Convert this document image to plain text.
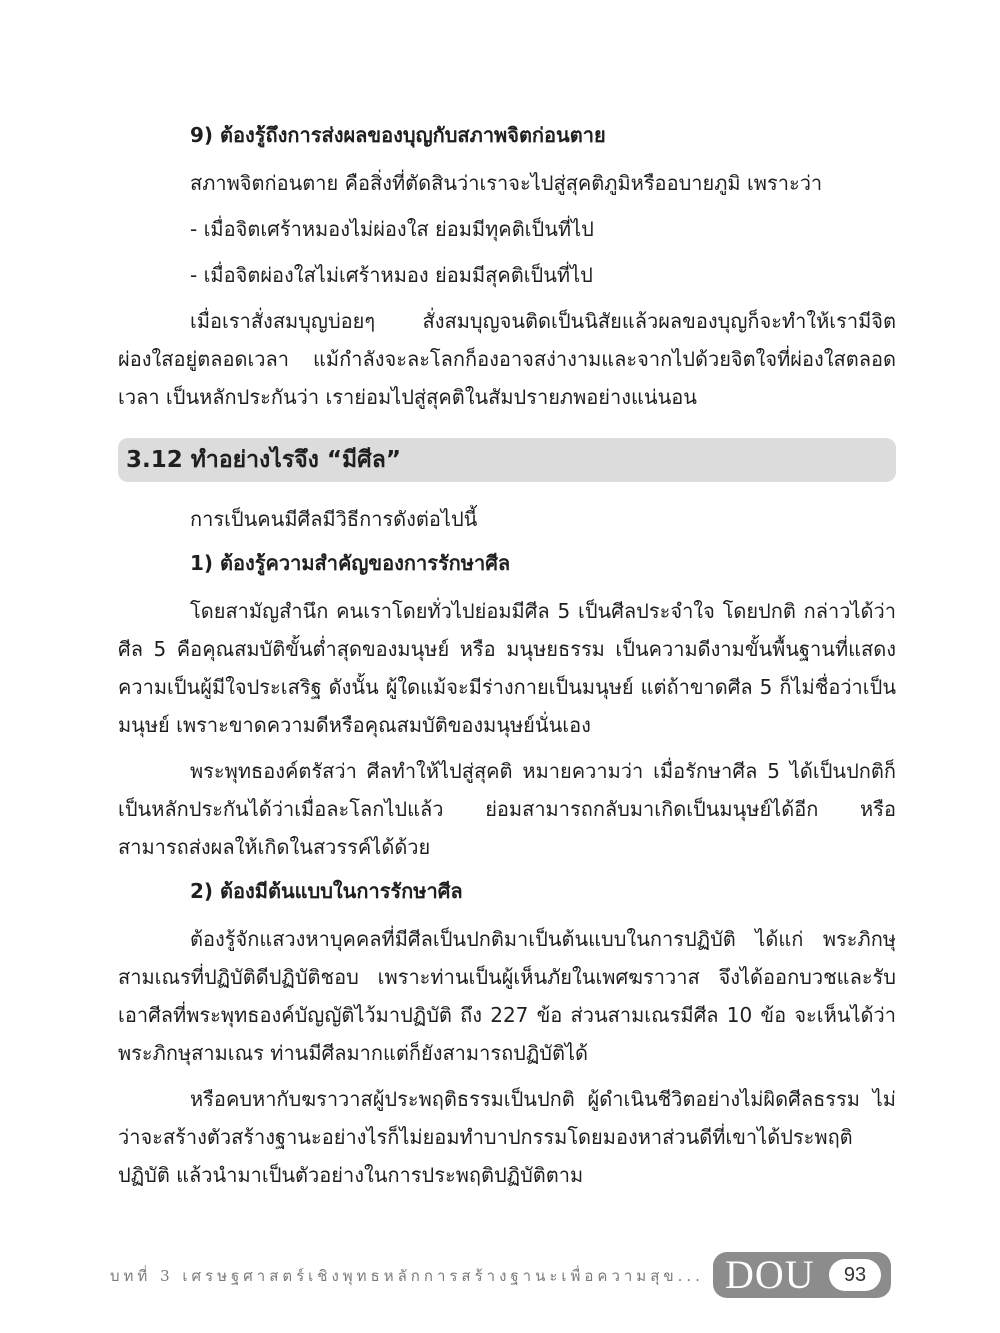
9) ต้องรู้ถึงการส่งผลของบุญกับสภาพจิตก่อนตาย

สภาพจิตก่อนตาย คือสิ่งที่ตัดสินว่าเราจะไปสู่สุคติภูมิหรืออบายภูมิ เพราะว่า

- เมื่อจิตเศร้าหมองไม่ผ่องใส ย่อมมีทุคติเป็นที่ไป

- เมื่อจิตผ่องใสไม่เศร้าหมอง ย่อมมีสุคติเป็นที่ไป

เมื่อเราสั่งสมบุญบ่อยๆ สั่งสมบุญจนติดเป็นนิสัยแล้วผลของบุญก็จะทำให้เรามีจิตผ่องใสอยู่ตลอดเวลา แม้กำลังจะละโลกก็องอาจสง่างามและจากไปด้วยจิตใจที่ผ่องใสตลอดเวลา เป็นหลักประกันว่า เราย่อมไปสู่สุคติในสัมปรายภพอย่างแน่นอน

3.12 ทำอย่างไรจึง “มีศีล”

การเป็นคนมีศีลมีวิธีการดังต่อไปนี้

1) ต้องรู้ความสำคัญของการรักษาศีล

โดยสามัญสำนึก คนเราโดยทั่วไปย่อมมีศีล 5 เป็นศีลประจำใจ โดยปกติ กล่าวได้ว่า ศีล 5 คือคุณสมบัติขั้นต่ำสุดของมนุษย์ หรือ มนุษยธรรม เป็นความดีงามขั้นพื้นฐานที่แสดงความเป็นผู้มีใจประเสริฐ ดังนั้น ผู้ใดแม้จะมีร่างกายเป็นมนุษย์ แต่ถ้าขาดศีล 5 ก็ไม่ชื่อว่าเป็นมนุษย์ เพราะขาดความดีหรือคุณสมบัติของมนุษย์นั่นเอง

พระพุทธองค์ตรัสว่า ศีลทำให้ไปสู่สุคติ หมายความว่า เมื่อรักษาศีล 5 ได้เป็นปกติก็เป็นหลักประกันได้ว่าเมื่อละโลกไปแล้ว ย่อมสามารถกลับมาเกิดเป็นมนุษย์ได้อีก หรือ สามารถส่งผลให้เกิดในสวรรค์ได้ด้วย

2) ต้องมีต้นแบบในการรักษาศีล

ต้องรู้จักแสวงหาบุคคลที่มีศีลเป็นปกติมาเป็นต้นแบบในการปฏิบัติ ได้แก่ พระภิกษุสามเณรที่ปฏิบัติดีปฏิบัติชอบ เพราะท่านเป็นผู้เห็นภัยในเพศฆราวาส จึงได้ออกบวชและรับเอาศีลที่พระพุทธองค์บัญญัติไว้มาปฏิบัติ ถึง 227 ข้อ ส่วนสามเณรมีศีล 10 ข้อ จะเห็นได้ว่า พระภิกษุสามเณร ท่านมีศีลมากแต่ก็ยังสามารถปฏิบัติได้

หรือคบหากับฆราวาสผู้ประพฤติธรรมเป็นปกติ ผู้ดำเนินชีวิตอย่างไม่ผิดศีลธรรม ไม่ว่าจะสร้างตัวสร้างฐานะอย่างไรก็ไม่ยอมทำบาปกรรมโดยมองหาส่วนดีที่เขาได้ประพฤติปฏิบัติ แล้วนำมาเป็นตัวอย่างในการประพฤติปฏิบัติตาม

บทที่ 3 เศรษฐศาสตร์เชิงพุทธหลักการสร้างฐานะเพื่อความสุข... DOU	93
